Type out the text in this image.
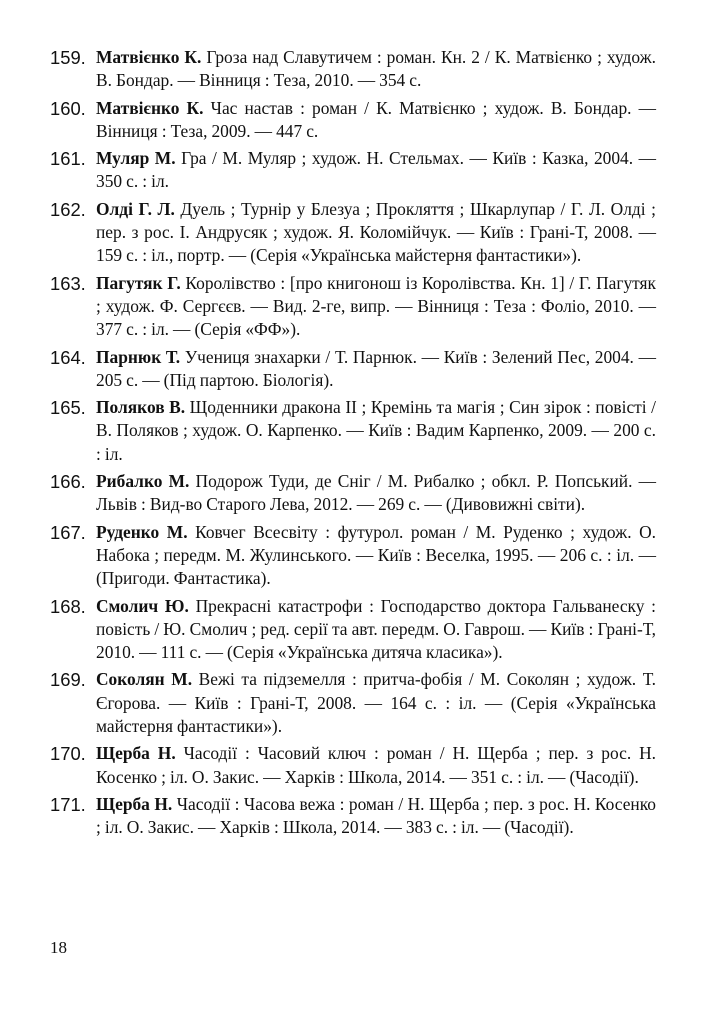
159. Матвієнко К. Гроза над Славутичем : роман. Кн. 2 / К. Матвієнко ; худож. В. Бондар. — Вінниця : Теза, 2010. — 354 с.
160. Матвієнко К. Час настав : роман / К. Матвієнко ; худож. В. Бондар. — Вінниця : Теза, 2009. — 447 с.
161. Муляр М. Гра / М. Муляр ; худож. Н. Стельмах. — Київ : Казка, 2004. — 350 с. : іл.
162. Олді Г. Л. Дуель ; Турнір у Блезуа ; Прокляття ; Шкарлупар / Г. Л. Олді ; пер. з рос. І. Андрусяк ; худож. Я. Коломійчук. — Київ : Грані-Т, 2008. — 159 с. : іл., портр. — (Серія «Українська майстерня фантастики»).
163. Пагутяк Г. Королівство : [про книгонош із Королівства. Кн. 1] / Г. Пагутяк ; худож. Ф. Сергєєв. — Вид. 2-ге, випр. — Вінниця : Теза : Фоліо, 2010. — 377 с. : іл. — (Серія «ФФ»).
164. Парнюк Т. Учениця знахарки / Т. Парнюк. — Київ : Зелений Пес, 2004. — 205 с. — (Під партою. Біологія).
165. Поляков В. Щоденники дракона II ; Кремінь та магія ; Син зірок : повісті / В. Поляков ; худож. О. Карпенко. — Київ : Вадим Карпенко, 2009. — 200 с. : іл.
166. Рибалко М. Подорож Туди, де Сніг / М. Рибалко ; обкл. Р. Попський. — Львів : Вид-во Старого Лева, 2012. — 269 с. — (Дивовижні світи).
167. Руденко М. Ковчег Всесвіту : футурол. роман / М. Руденко ; худож. О. Набока ; передм. М. Жулинського. — Київ : Веселка, 1995. — 206 с. : іл. — (Пригоди. Фантастика).
168. Смолич Ю. Прекрасні катастрофи : Господарство доктора Гальванеску : повість / Ю. Смолич ; ред. серії та авт. передм. О. Гаврош. — Київ : Грані-Т, 2010. — 111 с. — (Серія «Українська дитяча класика»).
169. Соколян М. Вежі та підземелля : притча-фобія / М. Соколян ; худож. Т. Єгорова. — Київ : Грані-Т, 2008. — 164 с. : іл. — (Серія «Українська майстерня фантастики»).
170. Щерба Н. Часодії : Часовий ключ : роман / Н. Щерба ; пер. з рос. Н. Косенко ; іл. О. Закис. — Харків : Школа, 2014. — 351 с. : іл. — (Часодії).
171. Щерба Н. Часодії : Часова вежа : роман / Н. Щерба ; пер. з рос. Н. Косенко ; іл. О. Закис. — Харків : Школа, 2014. — 383 с. : іл. — (Часодії).
18
